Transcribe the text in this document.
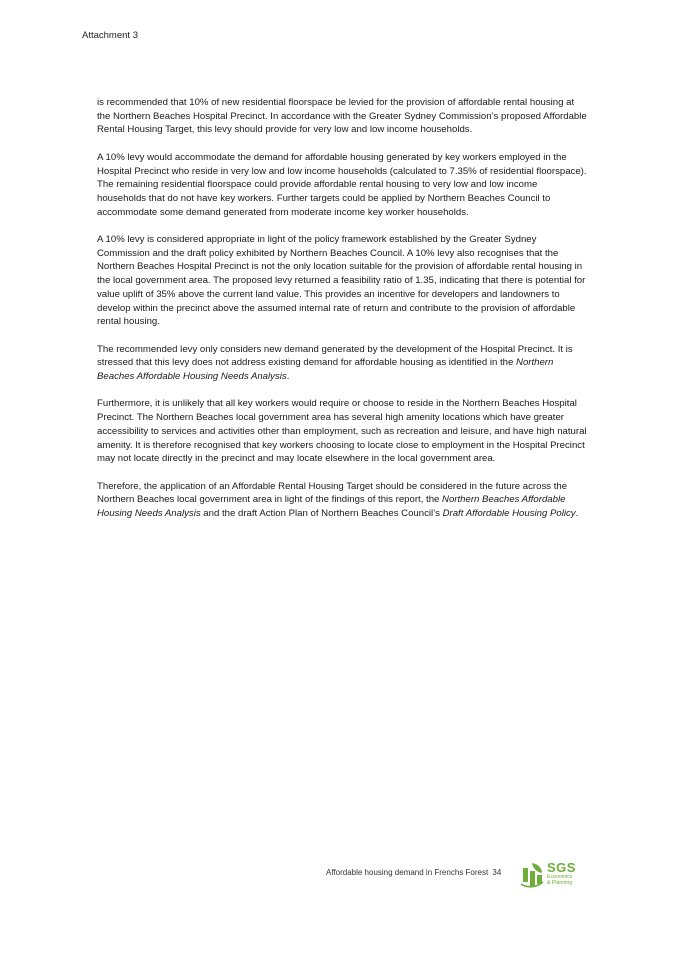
Attachment 3

is recommended that 10% of new residential floorspace be levied for the provision of affordable rental housing at the Northern Beaches Hospital Precinct. In accordance with the Greater Sydney Commission’s proposed Affordable Rental Housing Target, this levy should provide for very low and low income households.

A 10% levy would accommodate the demand for affordable housing generated by key workers employed in the Hospital Precinct who reside in very low and low income households (calculated to 7.35% of residential floorspace). The remaining residential floorspace could provide affordable rental housing to very low and low income households that do not have key workers. Further targets could be applied by Northern Beaches Council to accommodate some demand generated from moderate income key worker households.

A 10% levy is considered appropriate in light of the policy framework established by the Greater Sydney Commission and the draft policy exhibited by Northern Beaches Council. A 10% levy also recognises that the Northern Beaches Hospital Precinct is not the only location suitable for the provision of affordable rental housing in the local government area. The proposed levy returned a feasibility ratio of 1.35, indicating that there is potential for value uplift of 35% above the current land value. This provides an incentive for developers and landowners to develop within the precinct above the assumed internal rate of return and contribute to the provision of affordable rental housing.

The recommended levy only considers new demand generated by the development of the Hospital Precinct. It is stressed that this levy does not address existing demand for affordable housing as identified in the Northern Beaches Affordable Housing Needs Analysis.

Furthermore, it is unlikely that all key workers would require or choose to reside in the Northern Beaches Hospital Precinct. The Northern Beaches local government area has several high amenity locations which have greater accessibility to services and activities other than employment, such as recreation and leisure, and have high natural amenity. It is therefore recognised that key workers choosing to locate close to employment in the Hospital Precinct may not locate directly in the precinct and may locate elsewhere in the local government area.

Therefore, the application of an Affordable Rental Housing Target should be considered in the future across the Northern Beaches local government area in light of the findings of this report, the Northern Beaches Affordable Housing Needs Analysis and the draft Action Plan of Northern Beaches Council’s Draft Affordable Housing Policy.

Affordable housing demand in Frenchs Forest 34	SGS
Economics
& Planning
